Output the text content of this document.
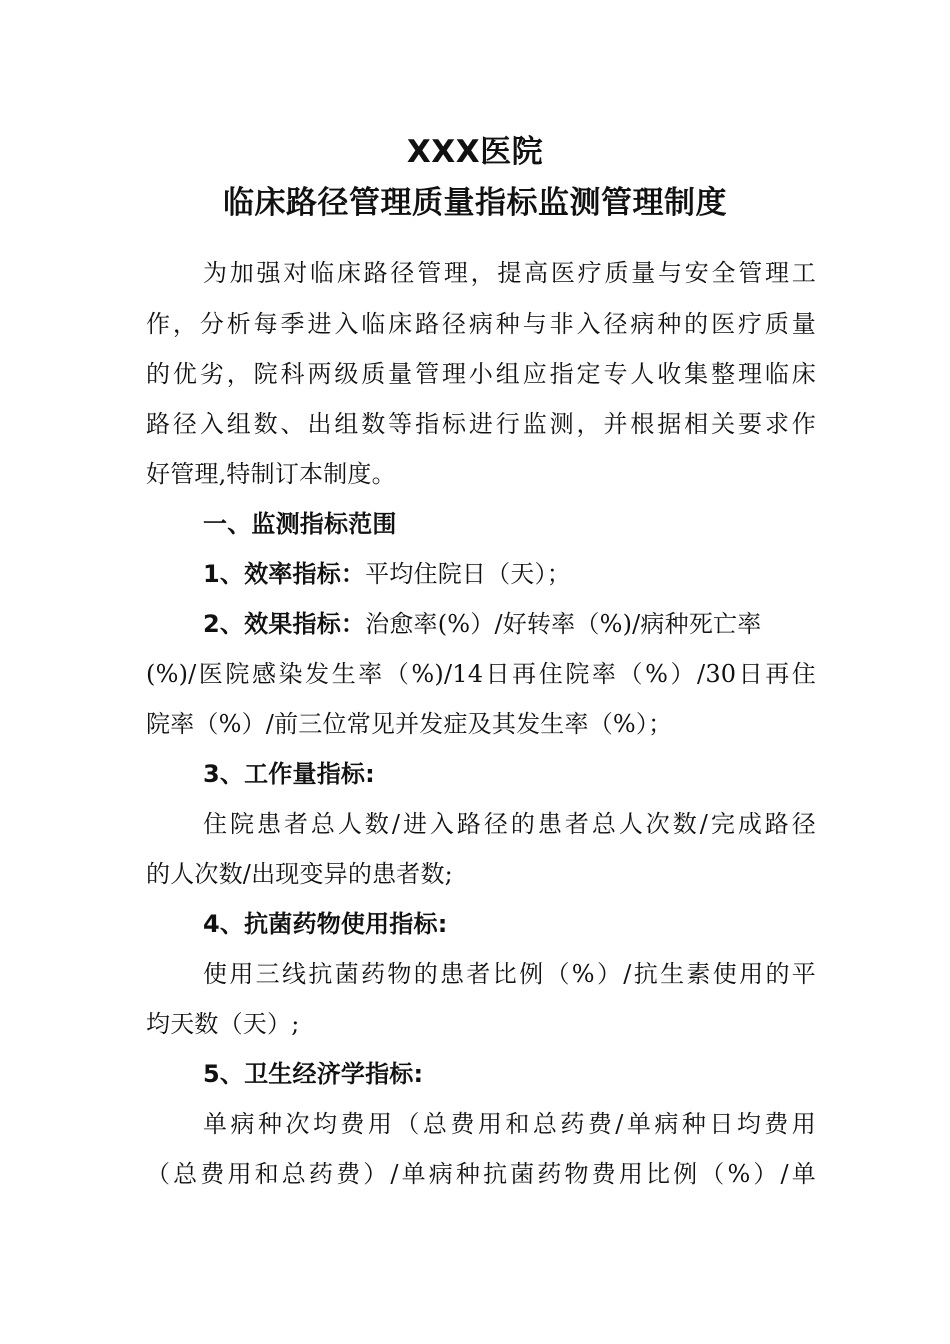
XXX医院
临床路径管理质量指标监测管理制度
为加强对临床路径管理，提高医疗质量与安全管理工
作，分析每季进入临床路径病种与非入径病种的医疗质量
的优劣，院科两级质量管理小组应指定专人收集整理临床
路径入组数、出组数等指标进行监测，并根据相关要求作
好管理,特制订本制度。
一、监测指标范围
1、效率指标：平均住院日（天）；
2、效果指标：治愈率(%）/好转率（%)/病种死亡率
(%)/医院感染发生率（%)/14日再住院率（%）/30日再住
院率（%）/前三位常见并发症及其发生率（%）；
3、工作量指标:
住院患者总人数/进入路径的患者总人次数/完成路径
的人次数/出现变异的患者数;
4、抗菌药物使用指标:
使用三线抗菌药物的患者比例（%）/抗生素使用的平
均天数（天）;
5、卫生经济学指标:
单病种次均费用（总费用和总药费/单病种日均费用
（总费用和总药费）/单病种抗菌药物费用比例（%）/单
